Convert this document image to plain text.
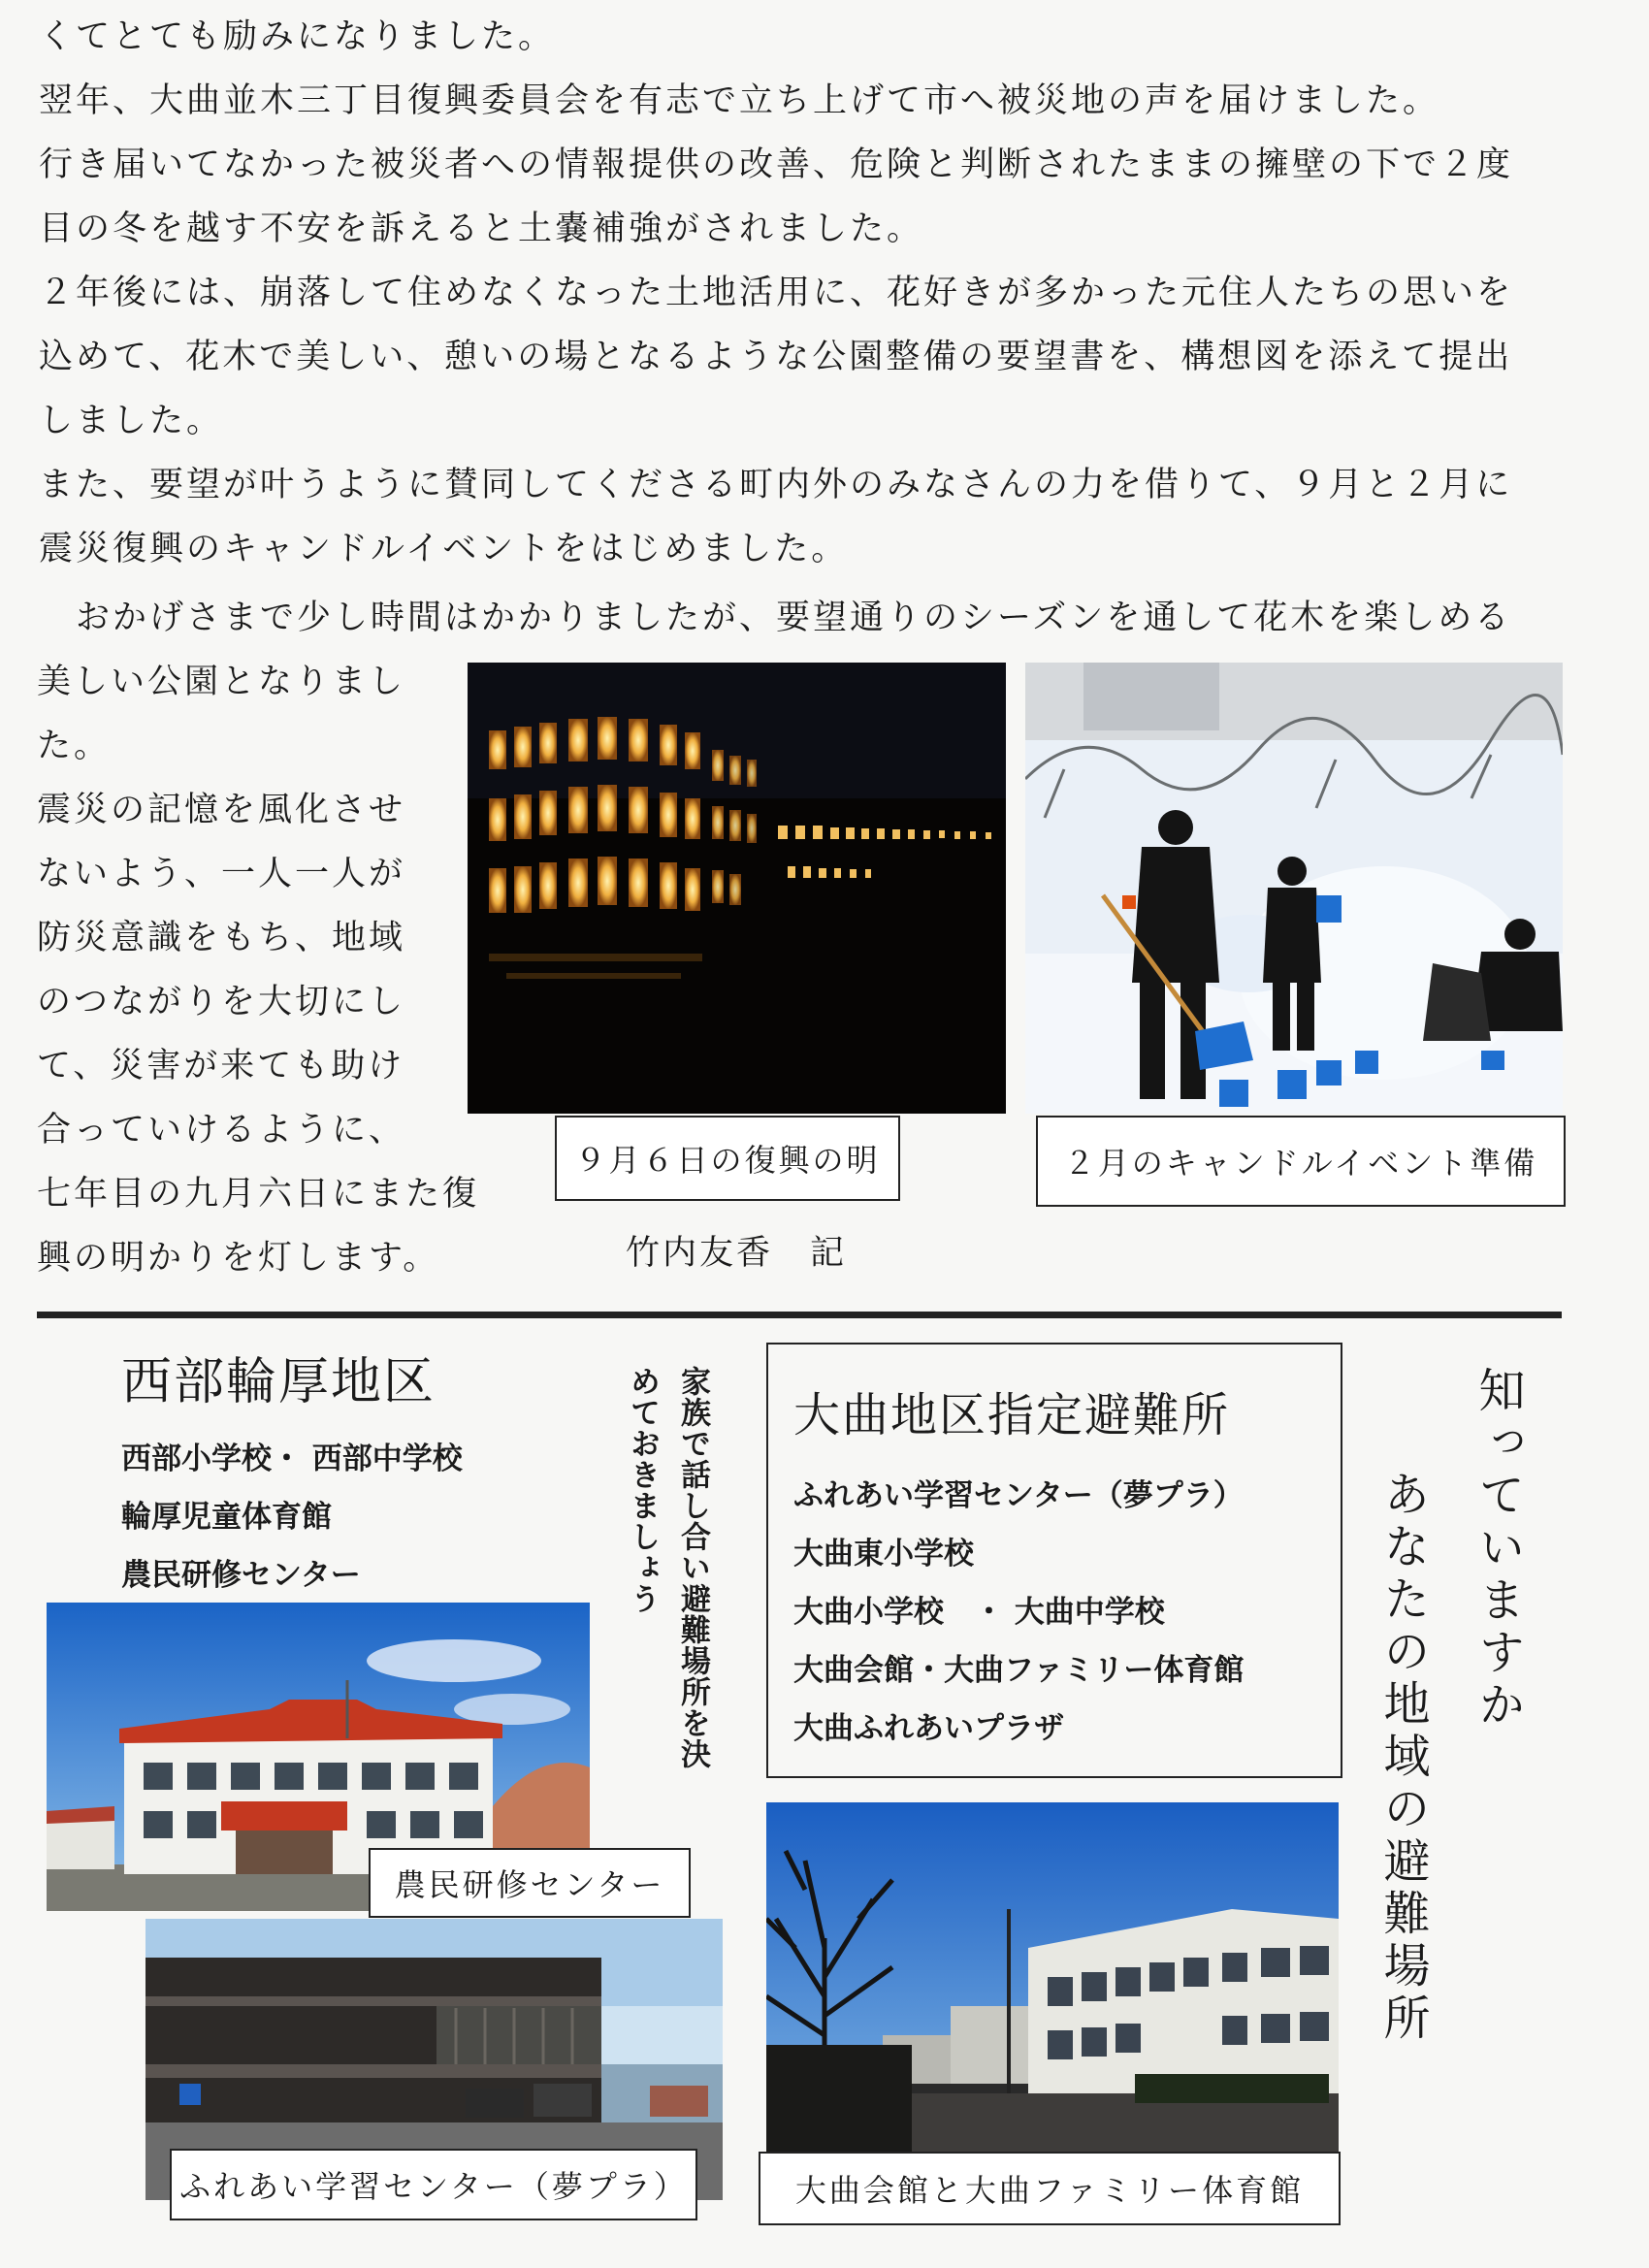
くてとても励みになりました。
翌年、大曲並木三丁目復興委員会を有志で立ち上げて市へ被災地の声を届けました。
行き届いてなかった被災者への情報提供の改善、危険と判断されたままの擁壁の下で２度
目の冬を越す不安を訴えると土嚢補強がされました。
２年後には、崩落して住めなくなった土地活用に、花好きが多かった元住人たちの思いを
込めて、花木で美しい、憩いの場となるような公園整備の要望書を、構想図を添えて提出
しました。
また、要望が叶うように賛同してくださる町内外のみなさんの力を借りて、９月と２月に
震災復興のキャンドルイベントをはじめました。
　おかげさまで少し時間はかかりましたが、要望通りのシーズンを通して花木を楽しめる
美しい公園となりまし
た。
震災の記憶を風化させ
ないよう、一人一人が
防災意識をもち、地域
のつながりを大切にし
て、災害が来ても助け
合っていけるように、
七年目の九月六日にまた復
興の明かりを灯します。	竹内友香　記
９月６日の復興の明	２月のキャンドルイベント準備
西部輪厚地区
西部小学校・ 西部中学校
輪厚児童体育館
農民研修センター
農民研修センター
ふれあい学習センター（夢プラ）
家族で話し合い避難場所を決
めておきましょう	大曲地区指定避難所
ふれあい学習センター（夢プラ）
大曲東小学校
大曲小学校　・ 大曲中学校
大曲会館・大曲ファミリー体育館
大曲ふれあいプラザ
大曲会館と大曲ファミリー体育館
知っていますか
あなたの地域の避難場所
